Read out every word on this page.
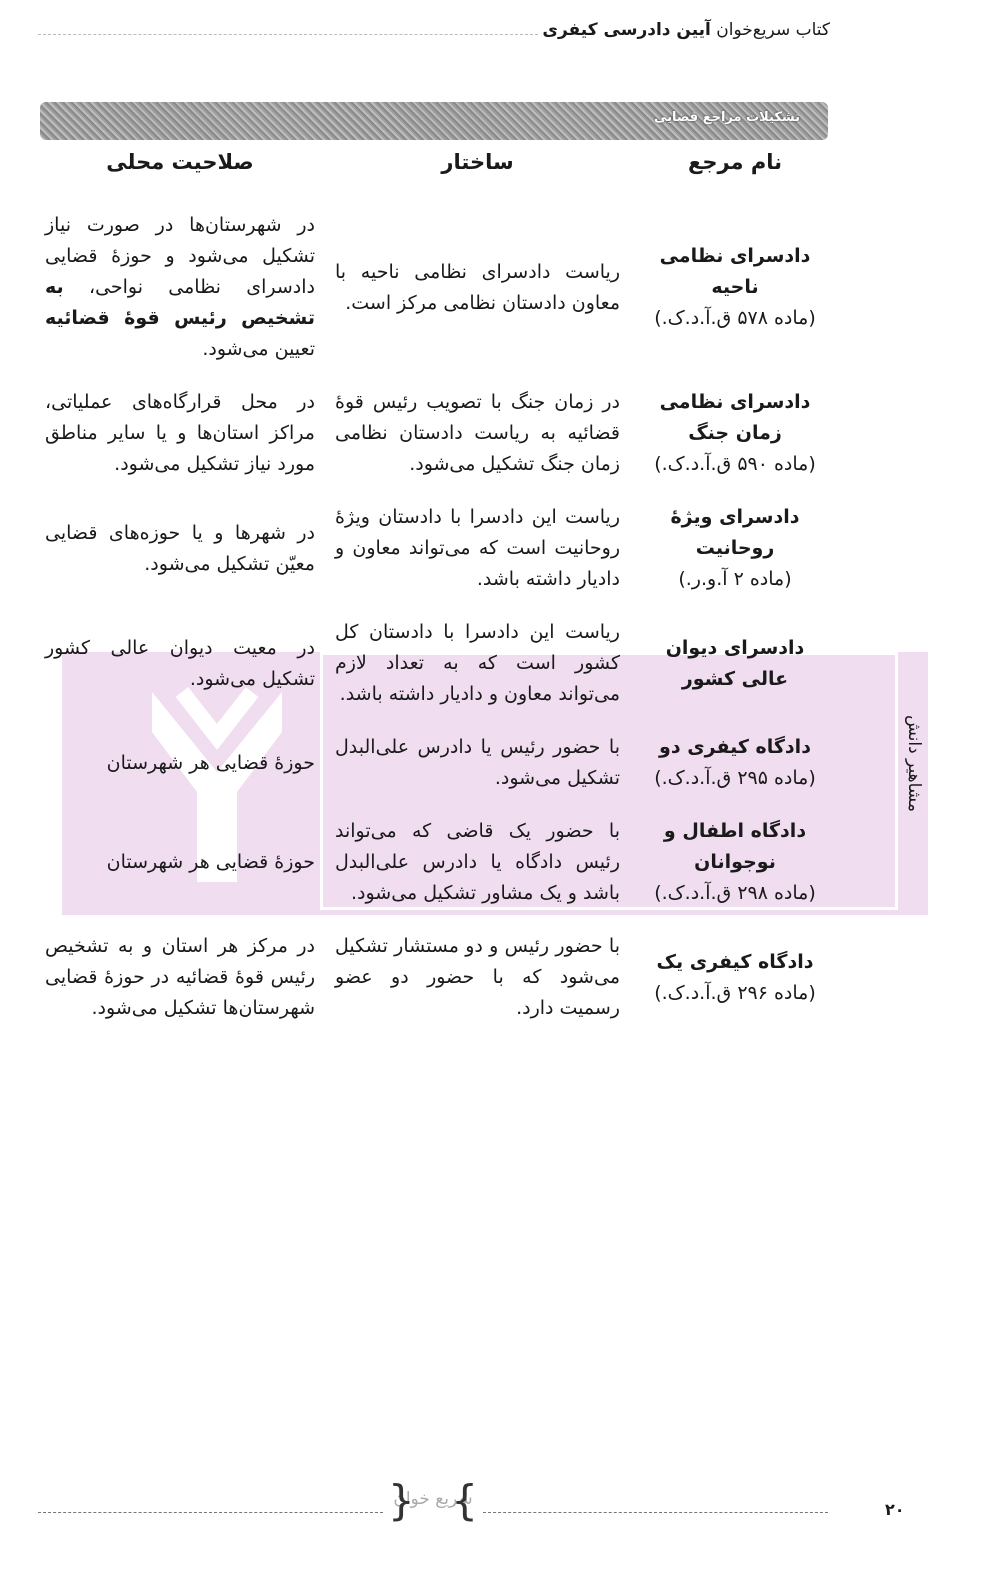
کتاب سریع‌خوان آیین دادرسی کیفری
تشکیلات مراجع قضایی
مشاهیر دانش
نام مرجع
ساختار
صلاحیت محلی
دادسرای نظامی ناحیه
(ماده ۵۷۸ ق.آ.د.ک.)
ریاست دادسرای نظامی ناحیه با معاون دادستان نظامی مرکز است.
در شهرستان‌ها در صورت نیاز تشکیل می‌شود و حوزهٔ قضایی دادسرای نظامی نواحی، به تشخیص رئیس قوهٔ قضائیه تعیین می‌شود.
دادسرای نظامی زمان جنگ
(ماده ۵۹۰ ق.آ.د.ک.)
در زمان جنگ با تصویب رئیس قوهٔ قضائیه به ریاست دادستان نظامی زمان جنگ تشکیل می‌شود.
در محل قرارگاه‌های عملیاتی، مراکز استان‌ها و یا سایر مناطق مورد نیاز تشکیل می‌شود.
دادسرای ویژهٔ روحانیت
(ماده ۲ آ.و.ر.)
ریاست این دادسرا با دادستان ویژهٔ روحانیت است که می‌تواند معاون و دادیار داشته باشد.
در شهرها و یا حوزه‌های قضایی معیّن تشکیل می‌شود.
دادسرای دیوان عالی کشور
ریاست این دادسرا با دادستان کل کشور است که به تعداد لازم می‌تواند معاون و دادیار داشته باشد.
در معیت دیوان عالی کشور تشکیل می‌شود.
دادگاه کیفری دو
(ماده ۲۹۵ ق.آ.د.ک.)
با حضور رئیس یا دادرس علی‌البدل تشکیل می‌شود.
حوزهٔ قضایی هر شهرستان
دادگاه اطفال و نوجوانان
(ماده ۲۹۸ ق.آ.د.ک.)
با حضور یک قاضی که می‌تواند رئیس دادگاه یا دادرس علی‌البدل باشد و یک مشاور تشکیل می‌شود.
حوزهٔ قضایی هر شهرستان
دادگاه کیفری یک
(ماده ۲۹۶ ق.آ.د.ک.)
با حضور رئیس و دو مستشار تشکیل می‌شود که با حضور دو عضو رسمیت دارد.
در مرکز هر استان و به تشخیص رئیس قوهٔ قضائیه در حوزهٔ قضایی شهرستان‌ها تشکیل می‌شود.
{ سریع خوان }
۲۰
